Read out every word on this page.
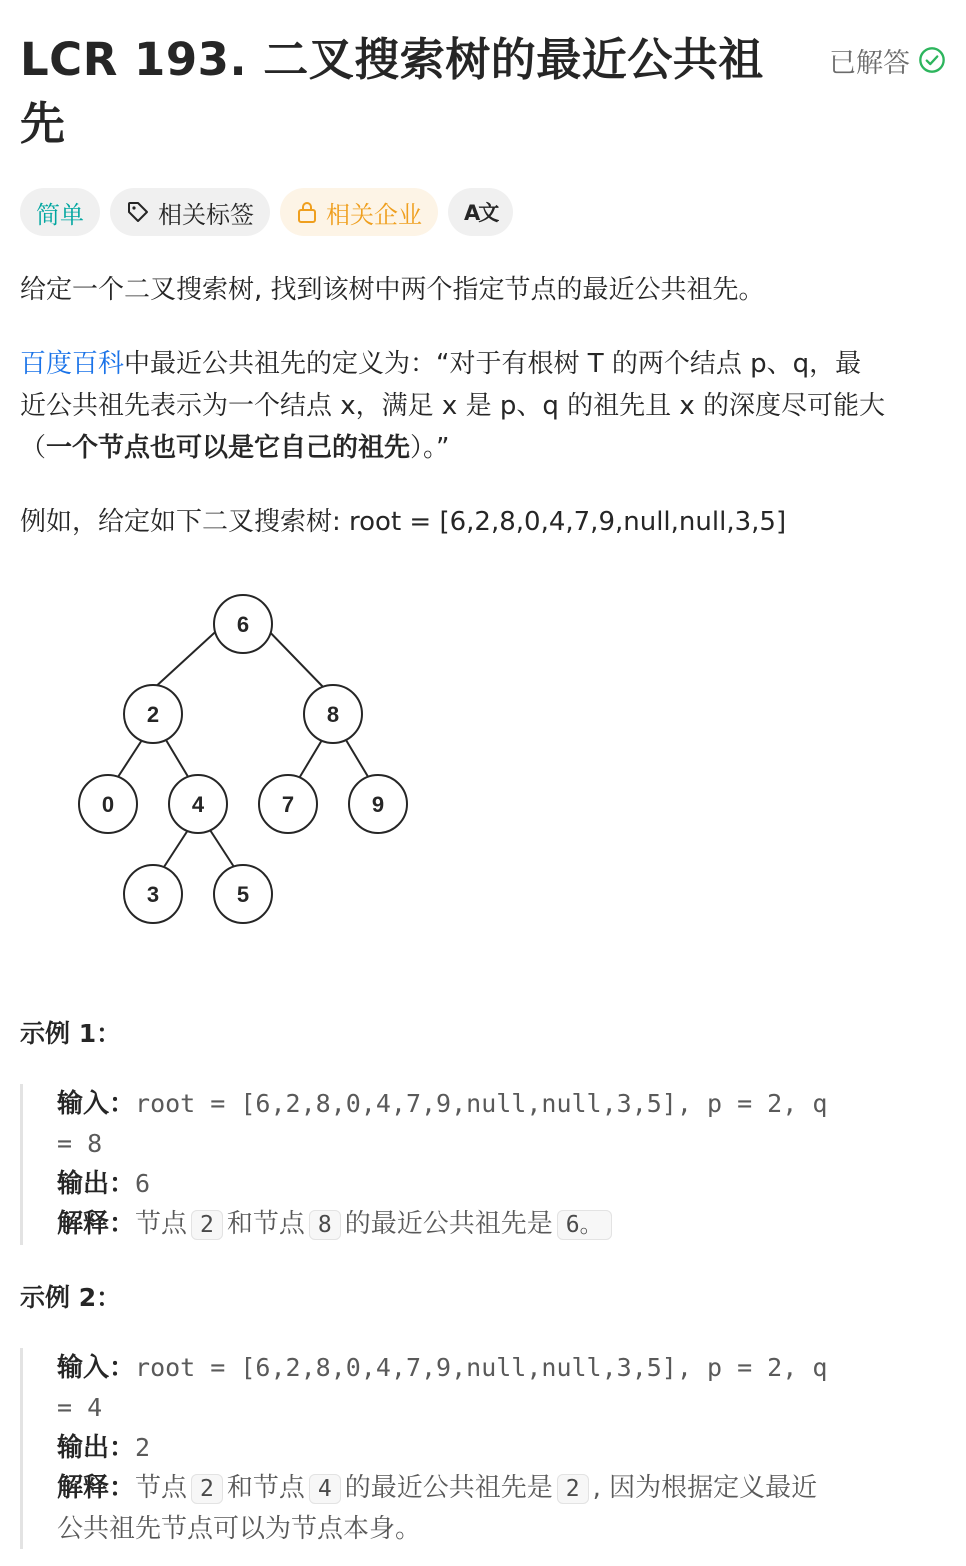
LCR 193. 二叉搜索树的最近公共祖先
已解答
简单	相关标签	相关企业 A文
给定一个二叉搜索树, 找到该树中两个指定节点的最近公共祖先。
百度百科中最近公共祖先的定义为：“对于有根树 T 的两个结点 p、q，最
近公共祖先表示为一个结点 x，满足 x 是 p、q 的祖先且 x 的深度尽可能大
（一个节点也可以是它自己的祖先）。”
例如，给定如下二叉搜索树: root = [6,2,8,0,4,7,9,null,null,3,5]
6
2	8
0	4	7	9
3	5
示例 1：
输入：root = [6,2,8,0,4,7,9,null,null,3,5], p = 2, q
= 8
输出：6
解释：节点 2 和节点 8 的最近公共祖先是 6。
示例 2：
输入：root = [6,2,8,0,4,7,9,null,null,3,5], p = 2, q
= 4
输出：2
解释：节点 2 和节点 4 的最近公共祖先是 2 , 因为根据定义最近
公共祖先节点可以为节点本身。
